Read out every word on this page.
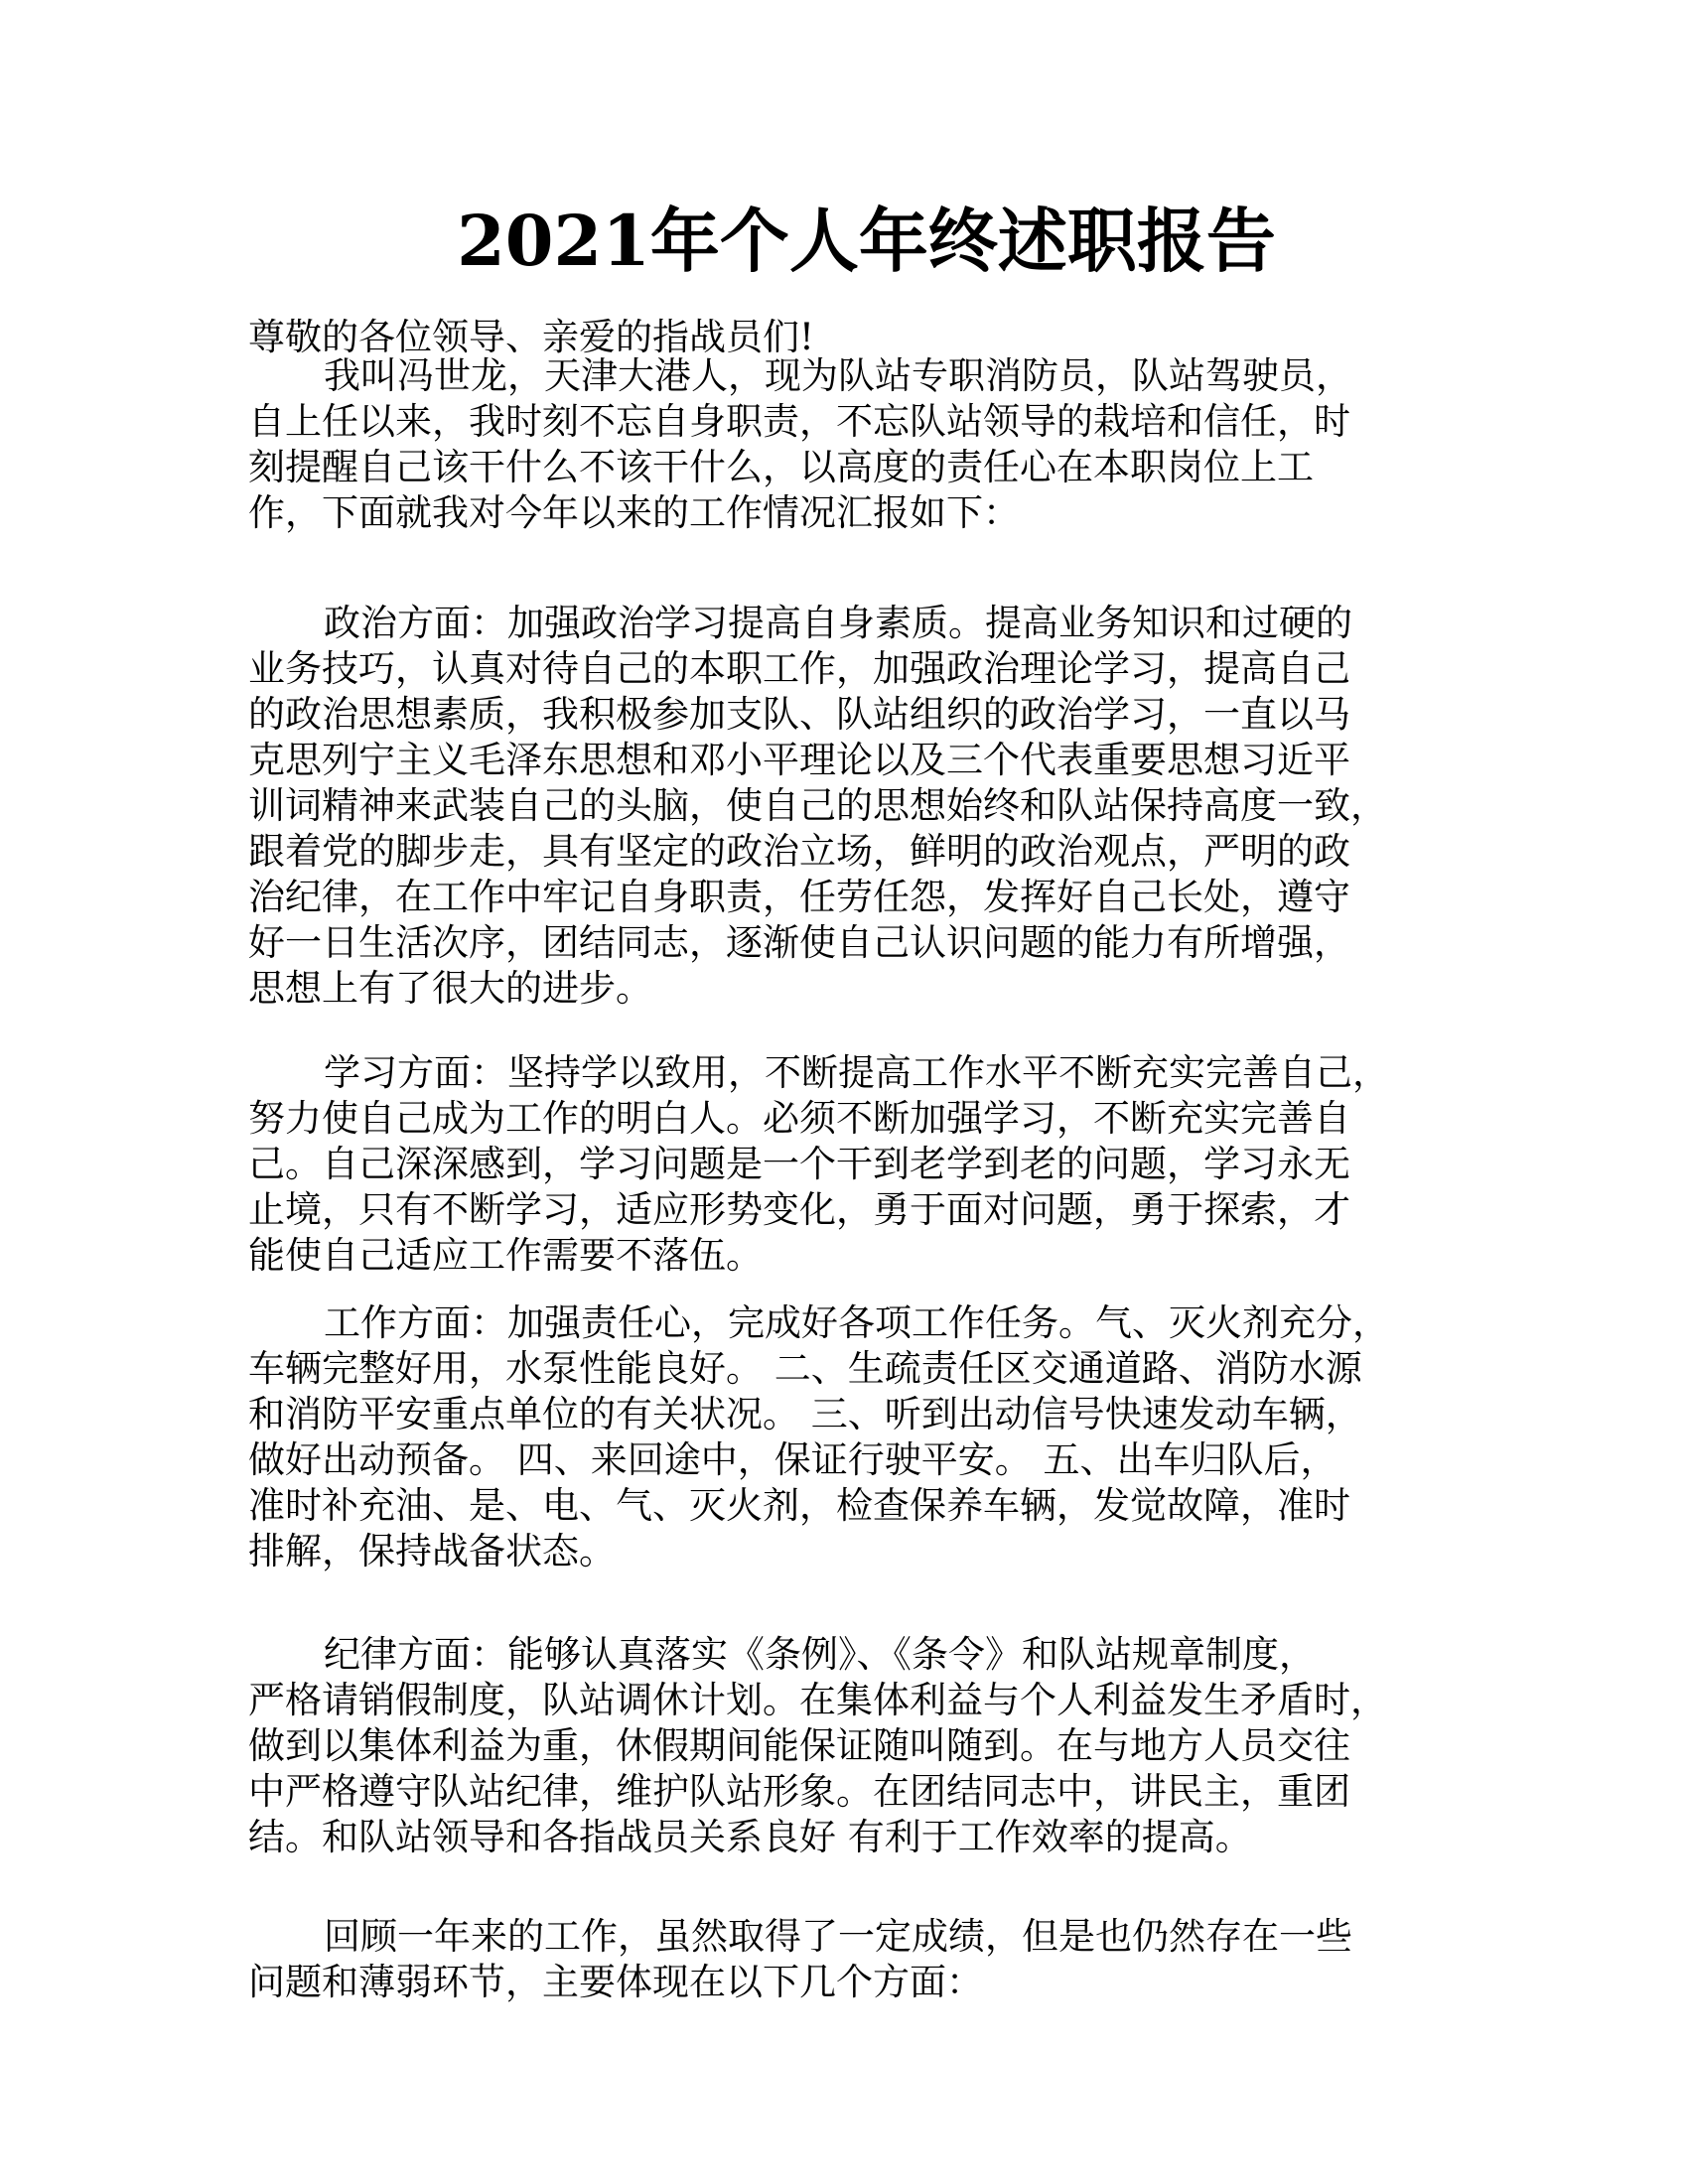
2021年个人年终述职报告
尊敬的各位领导、亲爱的指战员们!
我叫冯世龙，天津大港人，现为队站专职消防员，队站驾驶员，
自上任以来，我时刻不忘自身职责，不忘队站领导的栽培和信任，时
刻提醒自己该干什么不该干什么，以高度的责任心在本职岗位上工
作，下面就我对今年以来的工作情况汇报如下：
政治方面：加强政治学习提高自身素质。提高业务知识和过硬的
业务技巧，认真对待自己的本职工作，加强政治理论学习，提高自己
的政治思想素质，我积极参加支队、队站组织的政治学习，一直以马
克思列宁主义毛泽东思想和邓小平理论以及三个代表重要思想习近平
训词精神来武装自己的头脑，使自己的思想始终和队站保持高度一致，
跟着党的脚步走，具有坚定的政治立场，鲜明的政治观点，严明的政
治纪律，在工作中牢记自身职责，任劳任怨，发挥好自己长处，遵守
好一日生活次序，团结同志，逐渐使自己认识问题的能力有所增强，
思想上有了很大的进步。
学习方面：坚持学以致用，不断提高工作水平不断充实完善自己，
努力使自己成为工作的明白人。必须不断加强学习，不断充实完善自
己。自己深深感到，学习问题是一个干到老学到老的问题，学习永无
止境，只有不断学习，适应形势变化，勇于面对问题，勇于探索，才
能使自己适应工作需要不落伍。
工作方面：加强责任心，完成好各项工作任务。气、灭火剂充分，
车辆完整好用，水泵性能良好。 二、生疏责任区交通道路、消防水源
和消防平安重点单位的有关状况。 三、听到出动信号快速发动车辆，
做好出动预备。 四、来回途中，保证行驶平安。 五、出车归队后，
准时补充油、是、电、气、灭火剂，检查保养车辆，发觉故障，准时
排解，保持战备状态。
纪律方面：能够认真落实《条例》、《条令》和队站规章制度，
严格请销假制度，队站调休计划。在集体利益与个人利益发生矛盾时，
做到以集体利益为重，休假期间能保证随叫随到。在与地方人员交往
中严格遵守队站纪律，维护队站形象。在团结同志中，讲民主，重团
结。和队站领导和各指战员关系良好 有利于工作效率的提高。
回顾一年来的工作，虽然取得了一定成绩，但是也仍然存在一些
问题和薄弱环节，主要体现在以下几个方面：
